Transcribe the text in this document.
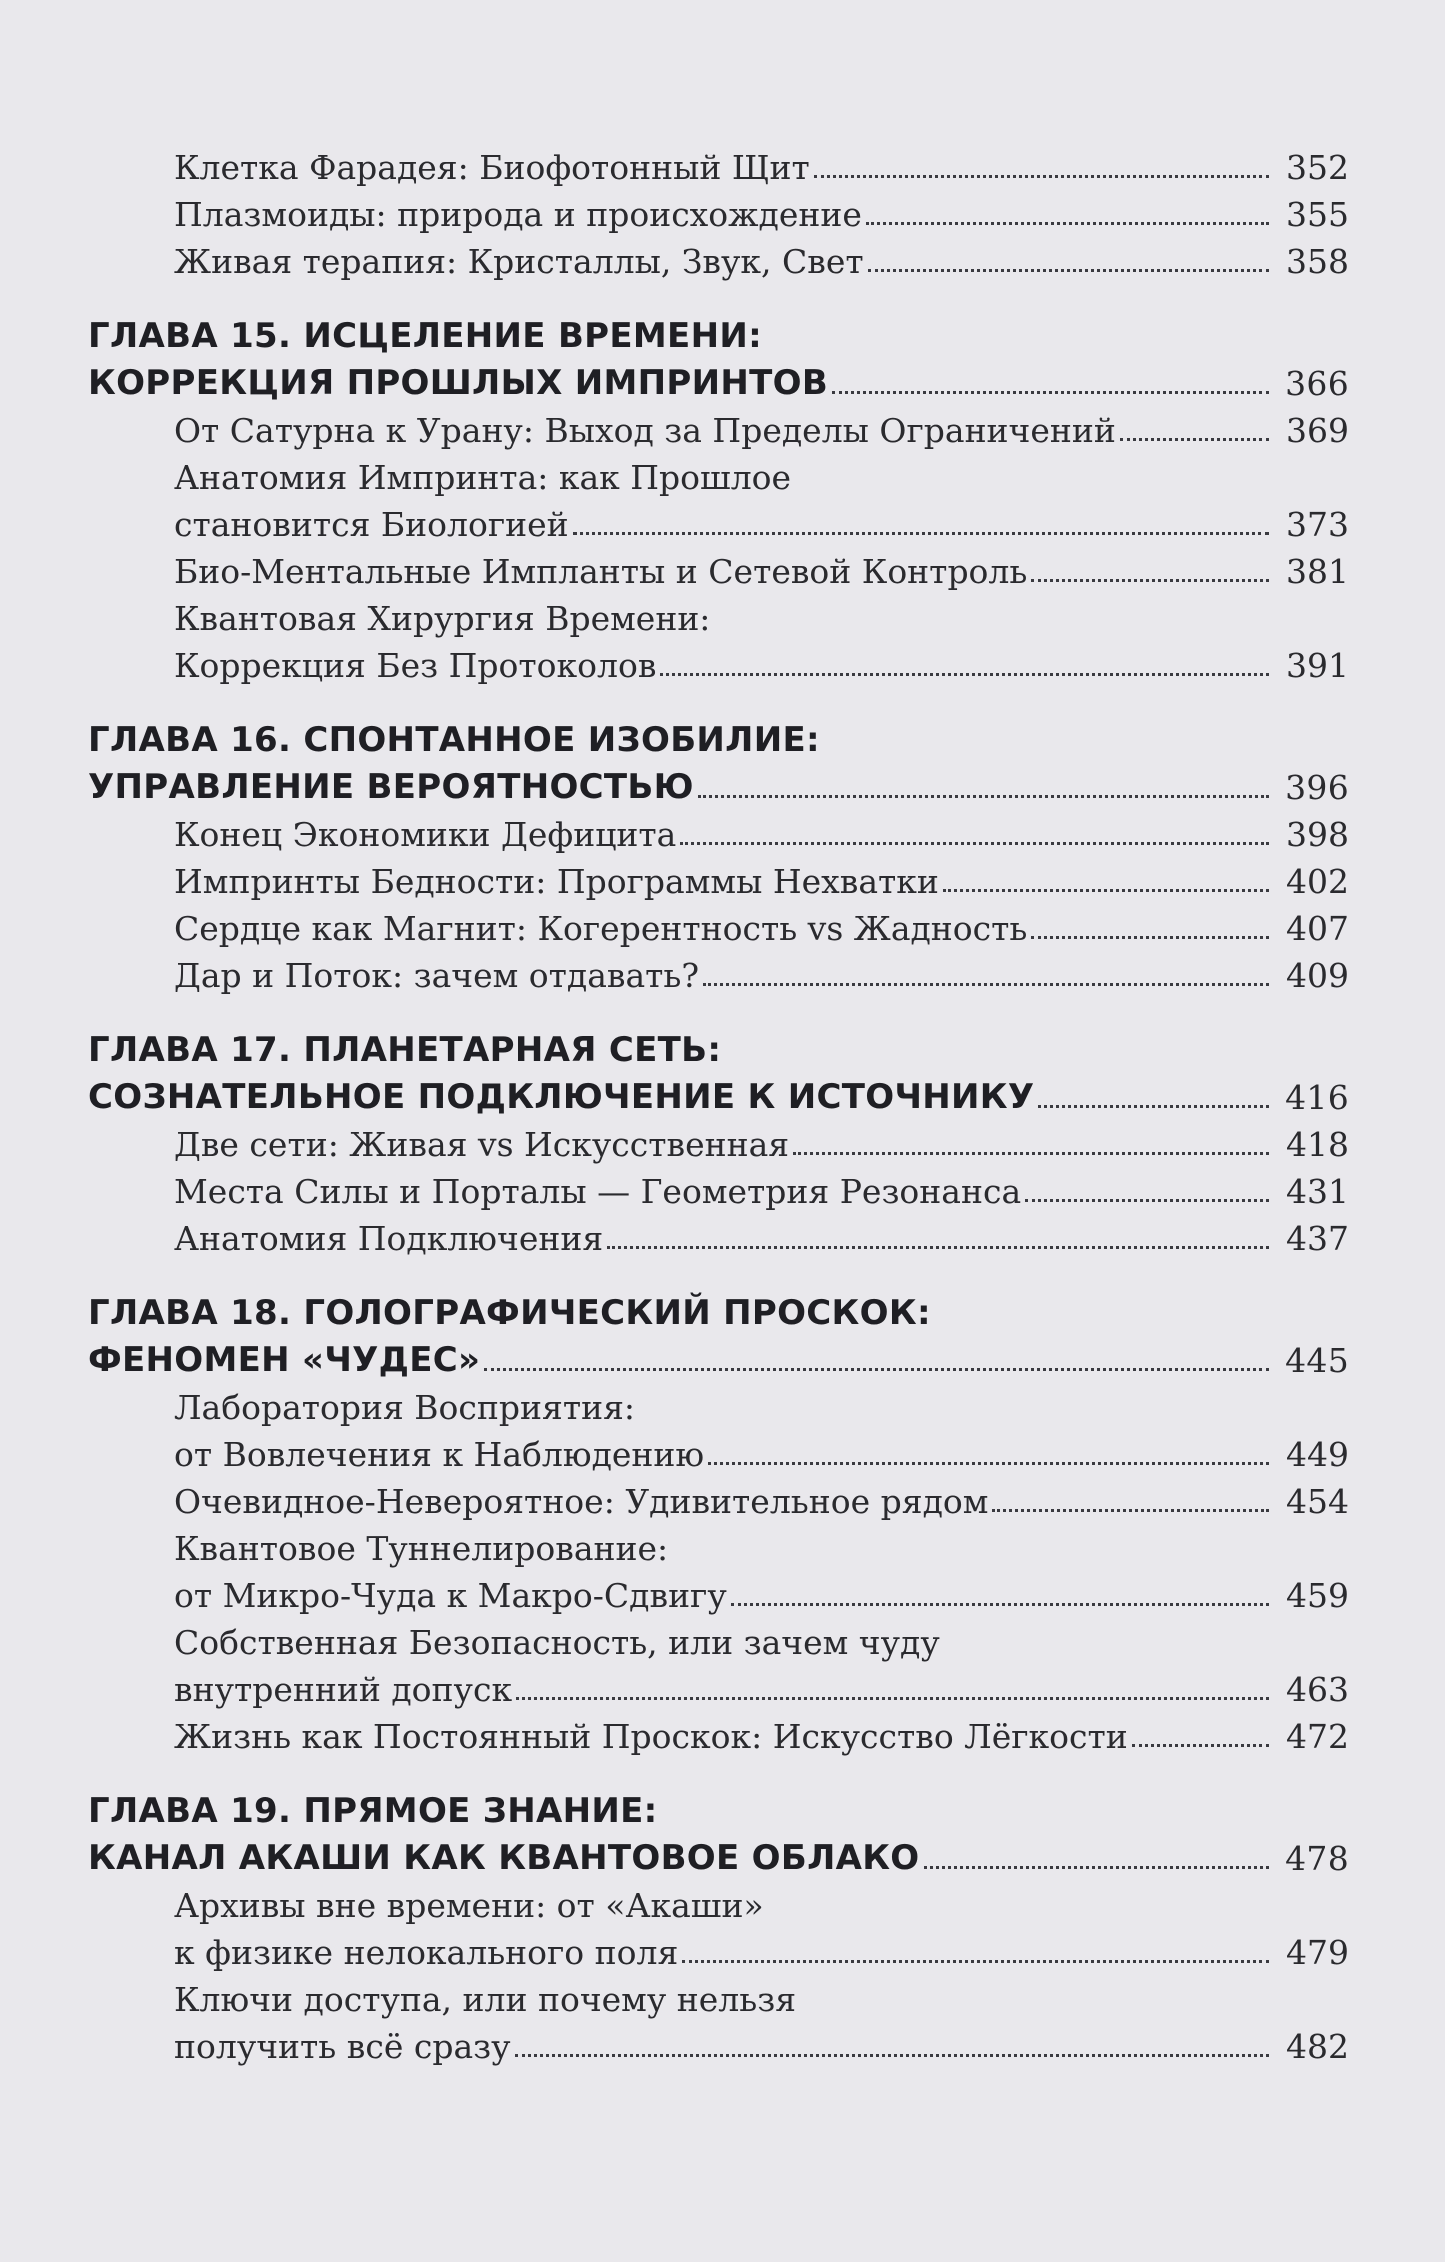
Клетка Фарадея: Биофотонный Щит	352
Плазмоиды: природа и происхождение	355
Живая терапия: Кристаллы, Звук, Свет	358
ГЛАВА 15. ИСЦЕЛЕНИЕ ВРЕМЕНИ:
КОРРЕКЦИЯ ПРОШЛЫХ ИМПРИНТОВ	366
От Сатурна к Урану: Выход за Пределы Ограничений	369
Анатомия Импринта: как Прошлое
становится Биологией	373
Био-Ментальные Импланты и Сетевой Контроль	381
Квантовая Хирургия Времени:
Коррекция Без Протоколов	391
ГЛАВА 16. СПОНТАННОЕ ИЗОБИЛИЕ:
УПРАВЛЕНИЕ ВЕРОЯТНОСТЬЮ	396
Конец Экономики Дефицита	398
Импринты Бедности: Программы Нехватки	402
Сердце как Магнит: Когерентность vs Жадность	407
Дар и Поток: зачем отдавать?	409
ГЛАВА 17. ПЛАНЕТАРНАЯ СЕТЬ:
СОЗНАТЕЛЬНОЕ ПОДКЛЮЧЕНИЕ К ИСТОЧНИКУ	416
Две сети: Живая vs Искусственная	418
Места Силы и Порталы — Геометрия Резонанса	431
Анатомия Подключения	437
ГЛАВА 18. ГОЛОГРАФИЧЕСКИЙ ПРОСКОК:
ФЕНОМЕН «ЧУДЕС»	445
Лаборатория Восприятия:
от Вовлечения к Наблюдению	449
Очевидное-Невероятное: Удивительное рядом	454
Квантовое Туннелирование:
от Микро-Чуда к Макро-Сдвигу	459
Собственная Безопасность, или зачем чуду
внутренний допуск	463
Жизнь как Постоянный Проскок: Искусство Лёгкости	472
ГЛАВА 19. ПРЯМОЕ ЗНАНИЕ:
КАНАЛ АКАШИ КАК КВАНТОВОЕ ОБЛАКО	478
Архивы вне времени: от «Акаши»
к физике нелокального поля	479
Ключи доступа, или почему нельзя
получить всё сразу	482
